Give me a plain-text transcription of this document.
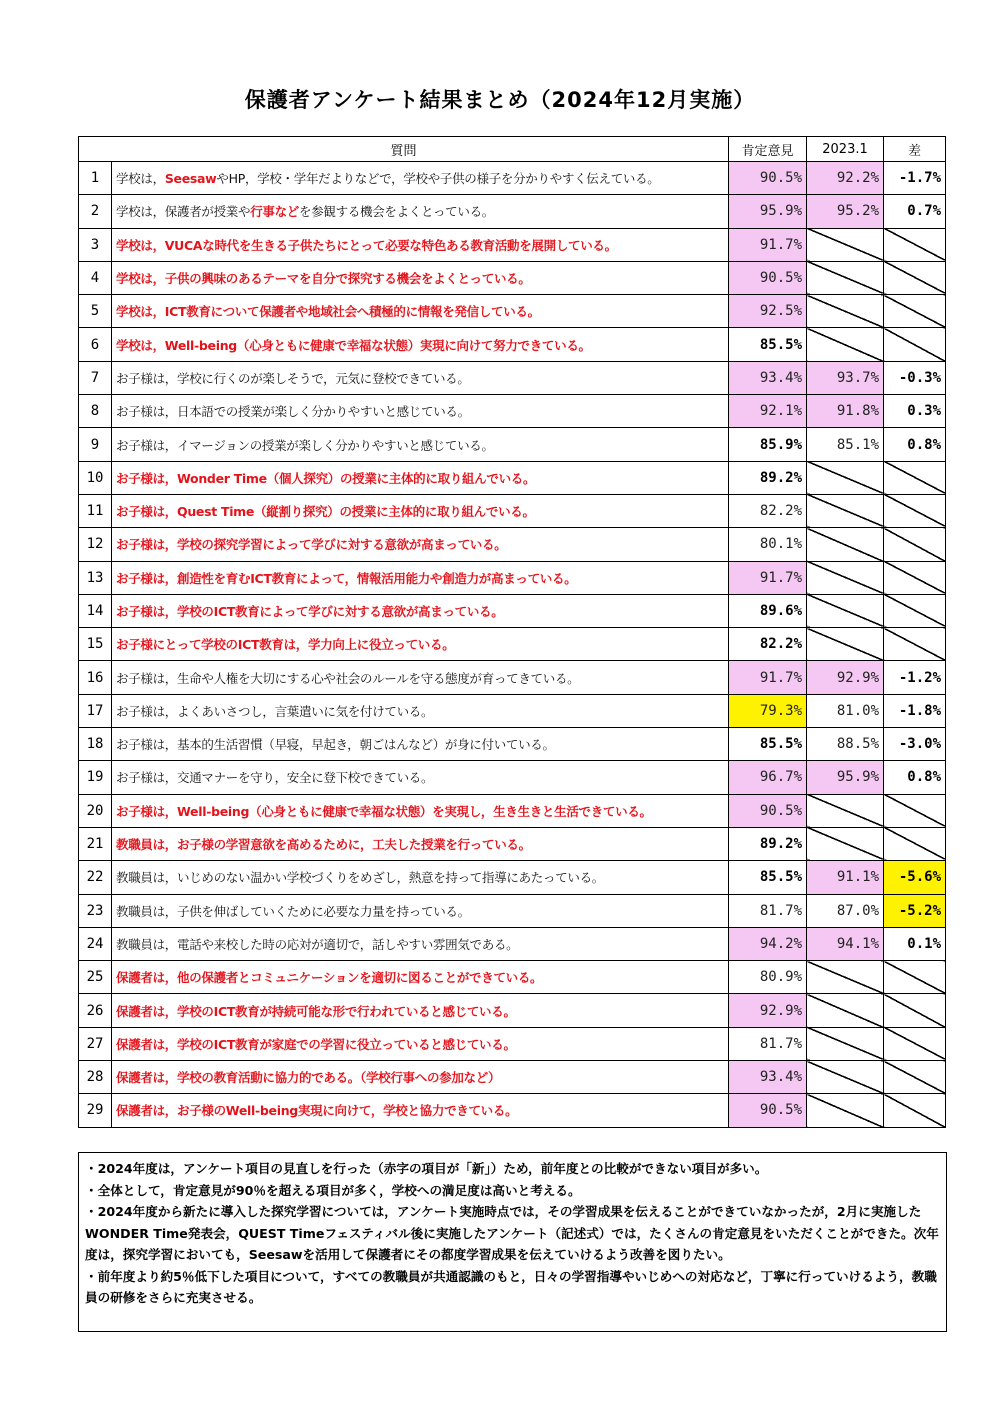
保護者アンケート結果まとめ（2024年12月実施）
質問		肯定意見	2023.1	差
1	学校は，SeesawやHP，学校・学年だよりなどで，学校や子供の様子を分かりやすく伝えている。	90.5%	92.2%	-1.7%
2	学校は，保護者が授業や行事などを参観する機会をよくとっている。	95.9%	95.2%	0.7%
3	学校は，VUCAな時代を生きる子供たちにとって必要な特色ある教育活動を展開している。	91.7%		
4	学校は，子供の興味のあるテーマを自分で探究する機会をよくとっている。	90.5%		
5	学校は，ICT教育について保護者や地域社会へ積極的に情報を発信している。	92.5%		
6	学校は，Well-being（心身ともに健康で幸福な状態）実現に向けて努力できている。	85.5%		
7	お子様は，学校に行くのが楽しそうで，元気に登校できている。	93.4%	93.7%	-0.3%
8	お子様は，日本語での授業が楽しく分かりやすいと感じている。	92.1%	91.8%	0.3%
9	お子様は，イマージョンの授業が楽しく分かりやすいと感じている。	85.9%	85.1%	0.8%
10	お子様は，Wonder Time（個人探究）の授業に主体的に取り組んでいる。	89.2%		
11	お子様は，Quest Time（縦割り探究）の授業に主体的に取り組んでいる。	82.2%		
12	お子様は，学校の探究学習によって学びに対する意欲が高まっている。	80.1%		
13	お子様は，創造性を育むICT教育によって，情報活用能力や創造力が高まっている。	91.7%		
14	お子様は，学校のICT教育によって学びに対する意欲が高まっている。	89.6%		
15	お子様にとって学校のICT教育は，学力向上に役立っている。	82.2%		
16	お子様は，生命や人権を大切にする心や社会のルールを守る態度が育ってきている。	91.7%	92.9%	-1.2%
17	お子様は，よくあいさつし，言葉遣いに気を付けている。	79.3%	81.0%	-1.8%
18	お子様は，基本的生活習慣（早寝，早起き，朝ごはんなど）が身に付いている。	85.5%	88.5%	-3.0%
19	お子様は，交通マナーを守り，安全に登下校できている。	96.7%	95.9%	0.8%
20	お子様は，Well-being（心身ともに健康で幸福な状態）を実現し，生き生きと生活できている。	90.5%		
21	教職員は，お子様の学習意欲を高めるために，工夫した授業を行っている。	89.2%		
22	教職員は，いじめのない温かい学校づくりをめざし，熱意を持って指導にあたっている。	85.5%	91.1%	-5.6%
23	教職員は，子供を伸ばしていくために必要な力量を持っている。	81.7%	87.0%	-5.2%
24	教職員は，電話や来校した時の応対が適切で，話しやすい雰囲気である。	94.2%	94.1%	0.1%
25	保護者は，他の保護者とコミュニケーションを適切に図ることができている。	80.9%		
26	保護者は，学校のICT教育が持続可能な形で行われていると感じている。	92.9%		
27	保護者は，学校のICT教育が家庭での学習に役立っていると感じている。	81.7%		
28	保護者は，学校の教育活動に協力的である。（学校行事への参加など）	93.4%		
29	保護者は，お子様のWell-being実現に向けて，学校と協力できている。	90.5%		

・2024年度は，アンケート項目の見直しを行った（赤字の項目が「新」）ため，前年度との比較ができない項目が多い。

・全体として，肯定意見が90％を超える項目が多く，学校への満足度は高いと考える。

・2024年度から新たに導入した探究学習については，アンケート実施時点では，その学習成果を伝えることができていなかったが，2月に実施したWONDER Time発表会，QUEST Timeフェスティバル後に実施したアンケート（記述式）では，たくさんの肯定意見をいただくことができた。次年度は，探究学習においても，Seesawを活用して保護者にその都度学習成果を伝えていけるよう改善を図りたい。

・前年度より約5％低下した項目について，すべての教職員が共通認識のもと，日々の学習指導やいじめへの対応など，丁寧に行っていけるよう，教職員の研修をさらに充実させる。
